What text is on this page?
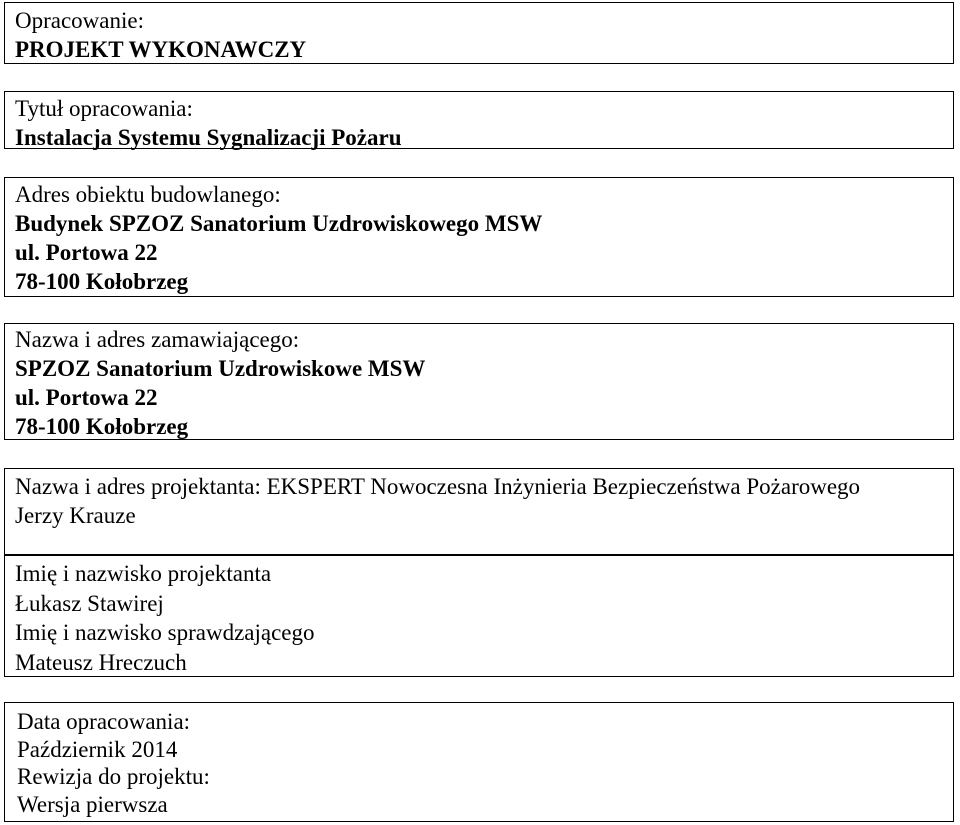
Opracowanie:
PROJEKT WYKONAWCZY
Tytuł opracowania:
Instalacja Systemu Sygnalizacji Pożaru
Adres obiektu budowlanego:
Budynek SPZOZ Sanatorium Uzdrowiskowego MSW
ul. Portowa 22
78-100 Kołobrzeg
Nazwa i adres zamawiającego:
SPZOZ Sanatorium Uzdrowiskowe MSW
ul. Portowa 22
78-100 Kołobrzeg
Nazwa i adres projektanta: EKSPERT Nowoczesna Inżynieria Bezpieczeństwa Pożarowego
Jerzy Krauze
Imię i nazwisko projektanta
Łukasz Stawirej
Imię i nazwisko sprawdzającego
Mateusz Hreczuch
Data opracowania:
Październik 2014
Rewizja do projektu:
Wersja pierwsza
